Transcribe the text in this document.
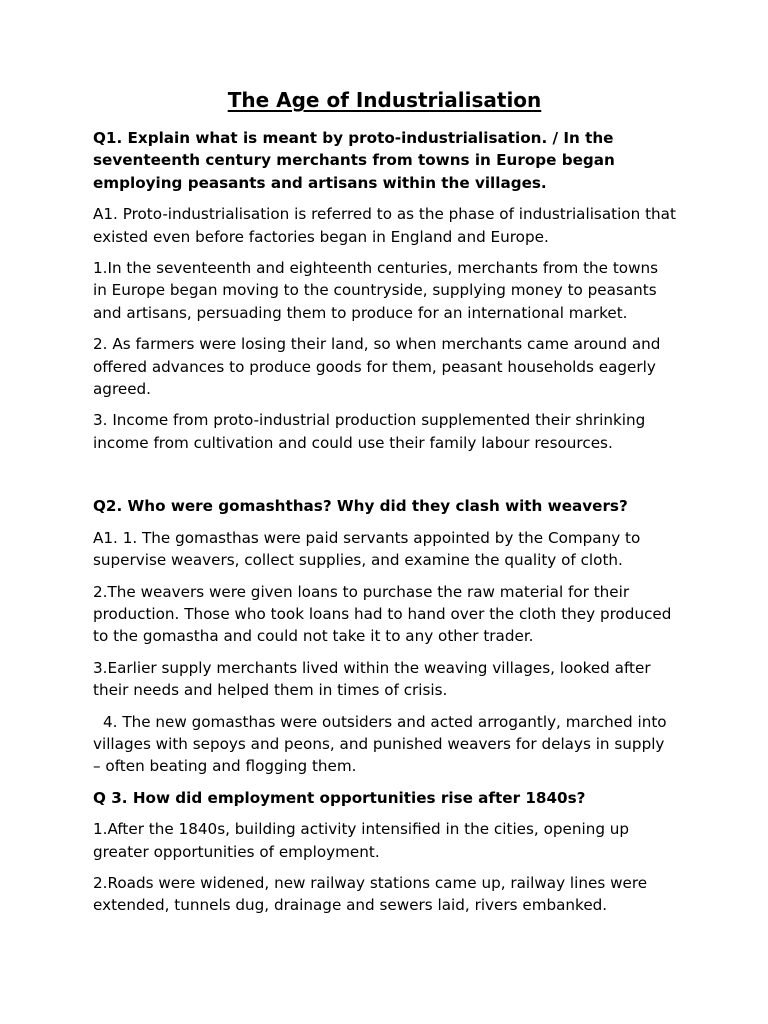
The Age of Industrialisation

Q1. Explain what is meant by proto-industrialisation. / In the seventeenth century merchants from towns in Europe began employing peasants and artisans within the villages.

A1. Proto-industrialisation is referred to as the phase of industrialisation that existed even before factories began in England and Europe.

1.In the seventeenth and eighteenth centuries, merchants from the towns in Europe began moving to the countryside, supplying money to peasants and artisans, persuading them to produce for an international market.

2. As farmers were losing their land, so when merchants came around and offered advances to produce goods for them, peasant households eagerly agreed.

3. Income from proto-industrial production supplemented their shrinking income from cultivation and could use their family labour resources.

Q2. Who were gomashthas? Why did they clash with weavers?

A1. 1. The gomasthas were paid servants appointed by the Company to supervise weavers, collect supplies, and examine the quality of cloth.

2.The weavers were given loans to purchase the raw material for their production. Those who took loans had to hand over the cloth they produced to the gomastha and could not take it to any other trader.

3.Earlier supply merchants lived within the weaving villages, looked after their needs and helped them in times of crisis.

4. The new gomasthas were outsiders and acted arrogantly, marched into villages with sepoys and peons, and punished weavers for delays in supply – often beating and flogging them.

Q 3. How did employment opportunities rise after 1840s?

1.After the 1840s, building activity intensified in the cities, opening up greater opportunities of employment.

2.Roads were widened, new railway stations came up, railway lines were extended, tunnels dug, drainage and sewers laid, rivers embanked.
